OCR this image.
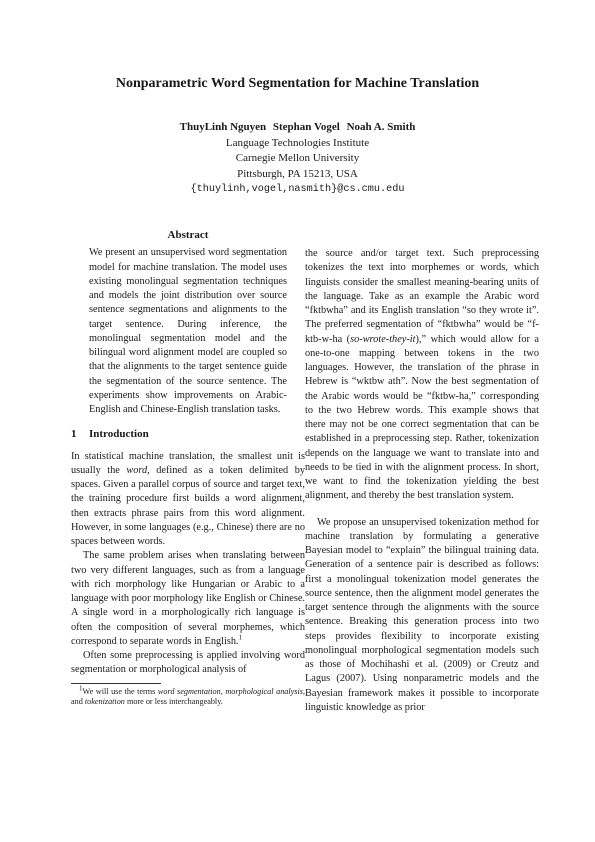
Nonparametric Word Segmentation for Machine Translation
ThuyLinh Nguyen Stephan Vogel Noah A. Smith
Language Technologies Institute
Carnegie Mellon University
Pittsburgh, PA 15213, USA
{thuylinh,vogel,nasmith}@cs.cmu.edu
Abstract

We present an unsupervised word segmentation model for machine translation. The model uses existing monolingual segmentation techniques and models the joint distribution over source sentence segmentations and alignments to the target sentence. During inference, the monolingual segmentation model and the bilingual word alignment model are coupled so that the alignments to the target sentence guide the segmentation of the source sentence. The experiments show improvements on Arabic-English and Chinese-English translation tasks.

1 Introduction

In statistical machine translation, the smallest unit is usually the word, defined as a token delimited by spaces. Given a parallel corpus of source and target text, the training procedure first builds a word alignment, then extracts phrase pairs from this word alignment. However, in some languages (e.g., Chinese) there are no spaces between words.

The same problem arises when translating between two very different languages, such as from a language with rich morphology like Hungarian or Arabic to a language with poor morphology like English or Chinese. A single word in a morphologically rich language is often the composition of several morphemes, which correspond to separate words in English.$^1$

Often some preprocessing is applied involving word segmentation or morphological analysis of

$^1$We will use the terms word segmentation, morphological analysis, and tokenization more or less interchangeably.

the source and/or target text. Such preprocessing tokenizes the text into morphemes or words, which linguists consider the smallest meaning-bearing units of the language. Take as an example the Arabic word “fktbwha” and its English translation “so they wrote it”. The preferred segmentation of “fktbwha” would be “f-ktb-w-ha (so-wrote-they-it),” which would allow for a one-to-one mapping between tokens in the two languages. However, the translation of the phrase in Hebrew is “wktbw ath”. Now the best segmentation of the Arabic words would be “fktbw-ha,” corresponding to the two Hebrew words. This example shows that there may not be one correct segmentation that can be established in a preprocessing step. Rather, tokenization depends on the language we want to translate into and needs to be tied in with the alignment process. In short, we want to find the tokenization yielding the best alignment, and thereby the best translation system.

We propose an unsupervised tokenization method for machine translation by formulating a generative Bayesian model to “explain” the bilingual training data. Generation of a sentence pair is described as follows: first a monolingual tokenization model generates the source sentence, then the alignment model generates the target sentence through the alignments with the source sentence. Breaking this generation process into two steps provides flexibility to incorporate existing monolingual morphological segmentation models such as those of Mochihashi et al. (2009) or Creutz and Lagus (2007). Using nonparametric models and the Bayesian framework makes it possible to incorporate linguistic knowledge as prior
